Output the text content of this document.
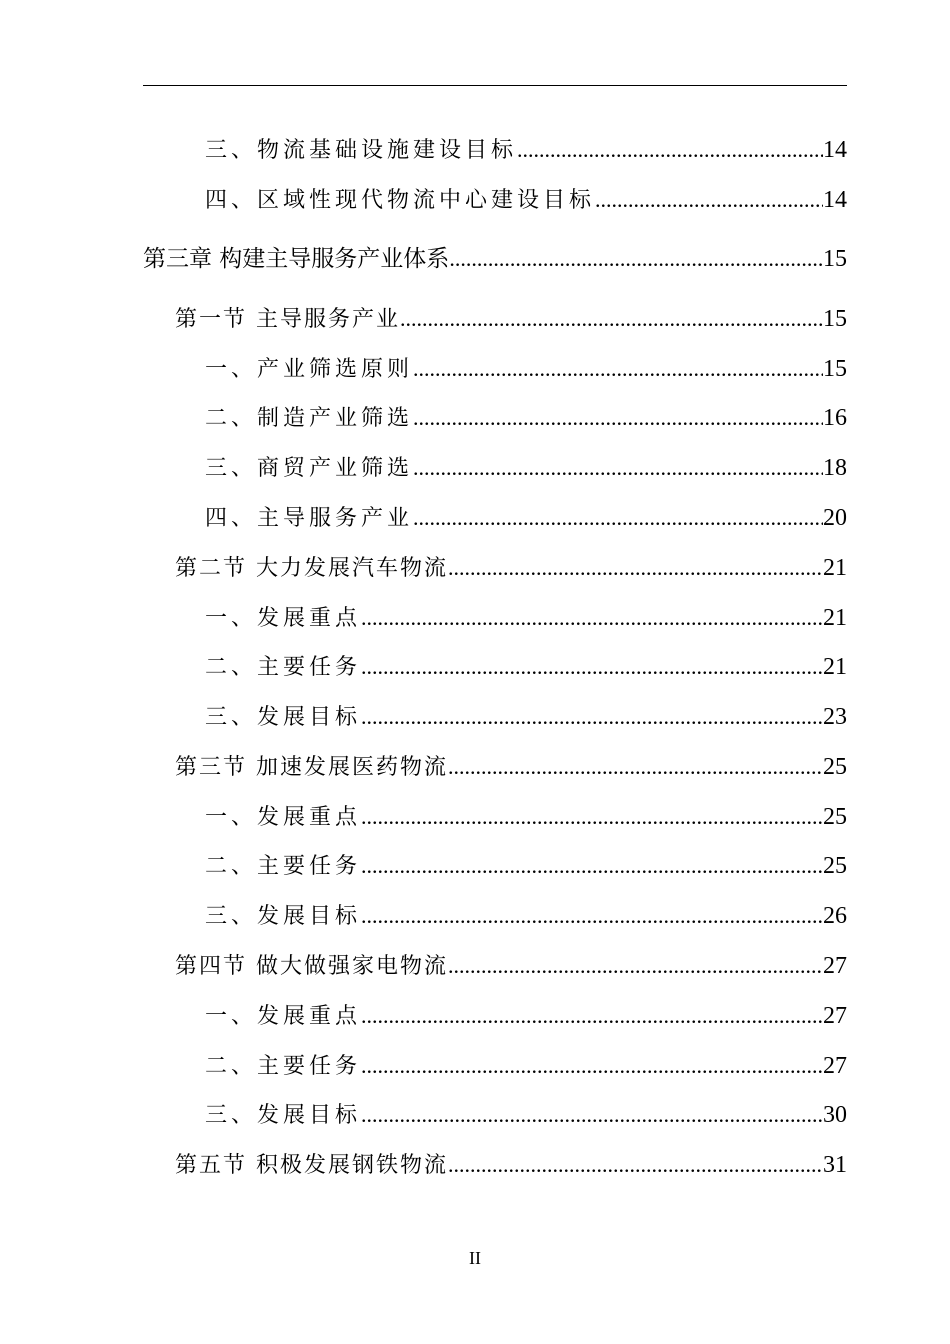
三、物流基础设施建设目标 .....	14
四、区域性现代物流中心建设目标 .....	14
第三章 构建主导服务产业体系 .....	15
第一节 主导服务产业 .....	15
一、产业筛选原则 .....	15
二、制造产业筛选 .....	16
三、商贸产业筛选 .....	18
四、主导服务产业 .....	20
第二节 大力发展汽车物流 .....	21
一、发展重点 .....	21
二、主要任务 .....	21
三、发展目标 .....	23
第三节 加速发展医药物流 .....	25
一、发展重点 .....	25
二、主要任务 .....	25
三、发展目标 .....	26
第四节 做大做强家电物流 .....	27
一、发展重点 .....	27
二、主要任务 .....	27
三、发展目标 .....	30
第五节 积极发展钢铁物流 .....	31
II
